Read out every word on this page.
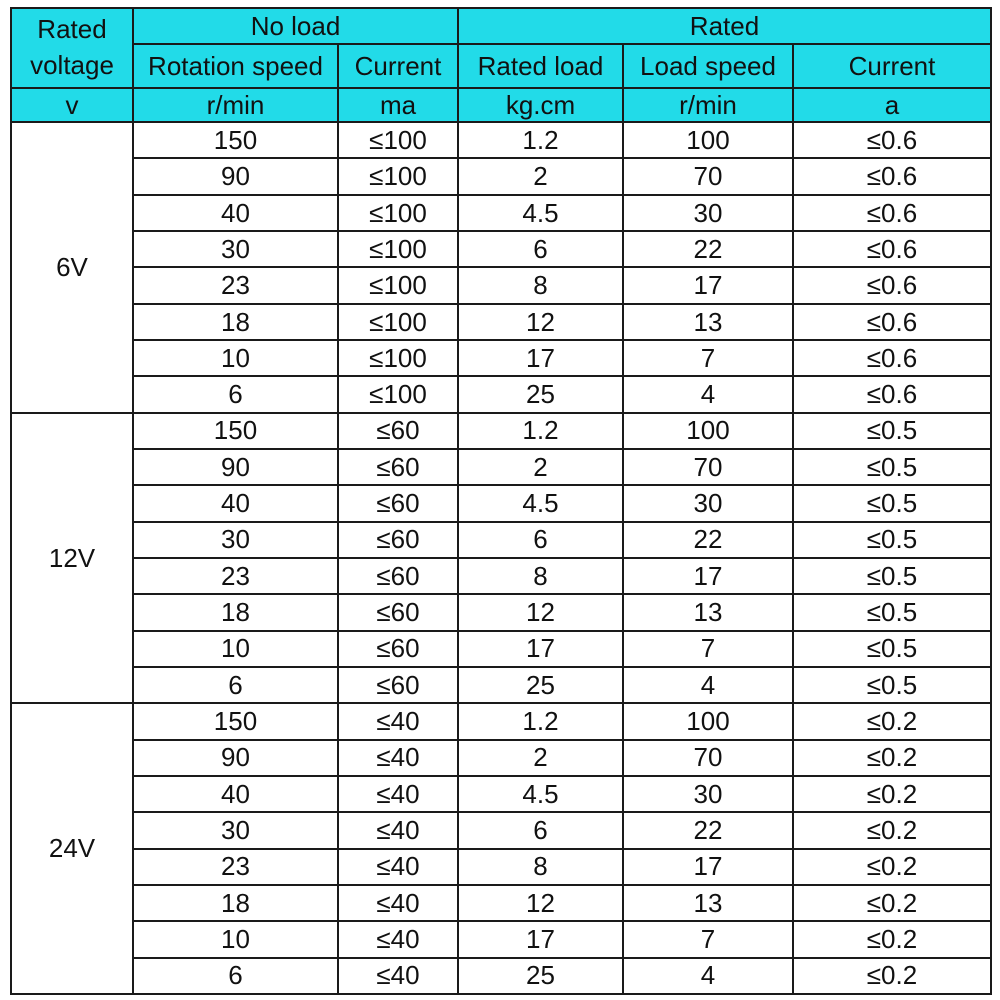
Rated voltage	No load		Rated		
	Rotation speed	Current	Rated load	Load speed	Current
v	r/min	ma	kg.cm	r/min	a
6V	150	≤100	1.2	100	≤0.6
	90	≤100	2	70	≤0.6
	40	≤100	4.5	30	≤0.6
	30	≤100	6	22	≤0.6
	23	≤100	8	17	≤0.6
	18	≤100	12	13	≤0.6
	10	≤100	17	7	≤0.6
	6	≤100	25	4	≤0.6
12V	150	≤60	1.2	100	≤0.5
	90	≤60	2	70	≤0.5
	40	≤60	4.5	30	≤0.5
	30	≤60	6	22	≤0.5
	23	≤60	8	17	≤0.5
	18	≤60	12	13	≤0.5
	10	≤60	17	7	≤0.5
	6	≤60	25	4	≤0.5
24V	150	≤40	1.2	100	≤0.2
	90	≤40	2	70	≤0.2
	40	≤40	4.5	30	≤0.2
	30	≤40	6	22	≤0.2
	23	≤40	8	17	≤0.2
	18	≤40	12	13	≤0.2
	10	≤40	17	7	≤0.2
	6	≤40	25	4	≤0.2
